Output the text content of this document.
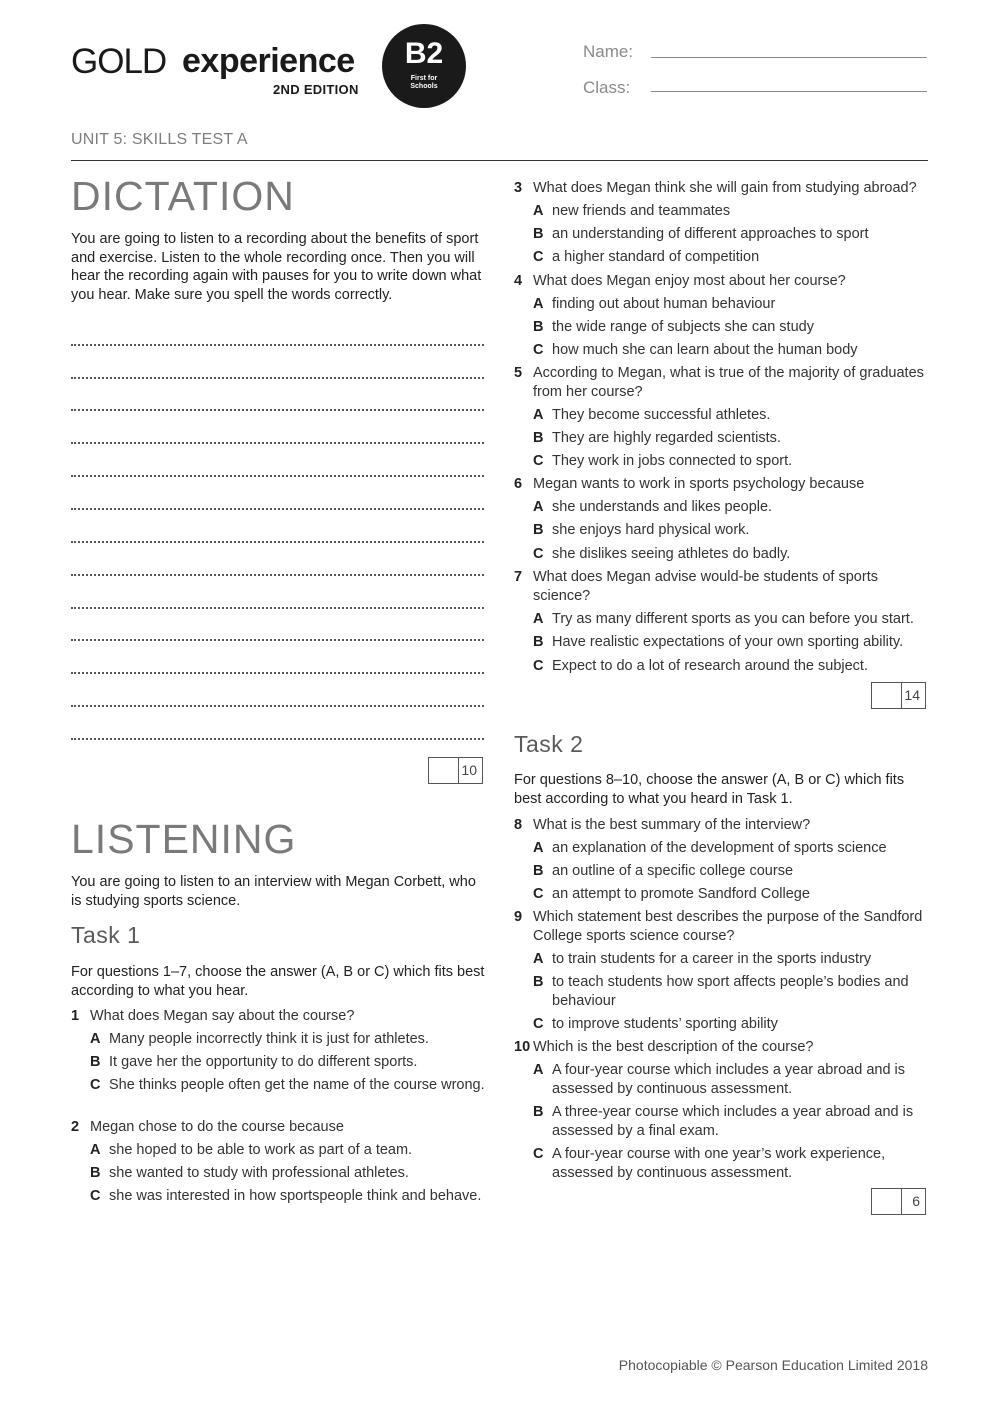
GOLD experience
2ND EDITION
B2
First for Schools
Name:
Class:
UNIT 5: SKILLS TEST A
DICTATION
You are going to listen to a recording about the benefits of sport and exercise. Listen to the whole recording once. Then you will hear the recording again with pauses for you to write down what you hear. Make sure you spell the words correctly.
10
LISTENING
You are going to listen to an interview with Megan Corbett, who is studying sports science.
Task 1
For questions 1–7, choose the answer (A, B or C) which fits best according to what you hear.
1 What does Megan say about the course?
A Many people incorrectly think it is just for athletes.
B It gave her the opportunity to do different sports.
C She thinks people often get the name of the course wrong.
2 Megan chose to do the course because
A she hoped to be able to work as part of a team.
B she wanted to study with professional athletes.
C she was interested in how sportspeople think and behave.
3 What does Megan think she will gain from studying abroad?
A new friends and teammates
B an understanding of different approaches to sport
C a higher standard of competition
4 What does Megan enjoy most about her course?
A finding out about human behaviour
B the wide range of subjects she can study
C how much she can learn about the human body
5 According to Megan, what is true of the majority of graduates from her course?
A They become successful athletes.
B They are highly regarded scientists.
C They work in jobs connected to sport.
6 Megan wants to work in sports psychology because
A she understands and likes people.
B she enjoys hard physical work.
C she dislikes seeing athletes do badly.
7 What does Megan advise would-be students of sports science?
A Try as many different sports as you can before you start.
B Have realistic expectations of your own sporting ability.
C Expect to do a lot of research around the subject.
8 What is the best summary of the interview?
A an explanation of the development of sports science
B an outline of a specific college course
C an attempt to promote Sandford College
9 Which statement best describes the purpose of the Sandford College sports science course?
A to train students for a career in the sports industry
B to teach students how sport affects people’s bodies and behaviour
C to improve students’ sporting ability
10 Which is the best description of the course?
A A four-year course which includes a year abroad and is assessed by continuous assessment.
B A three-year course which includes a year abroad and is assessed by a final exam.
C A four-year course with one year’s work experience, assessed by continuous assessment.
14
Task 2
For questions 8–10, choose the answer (A, B or C) which fits best according to what you heard in Task 1.
6
Photocopiable © Pearson Education Limited 2018
